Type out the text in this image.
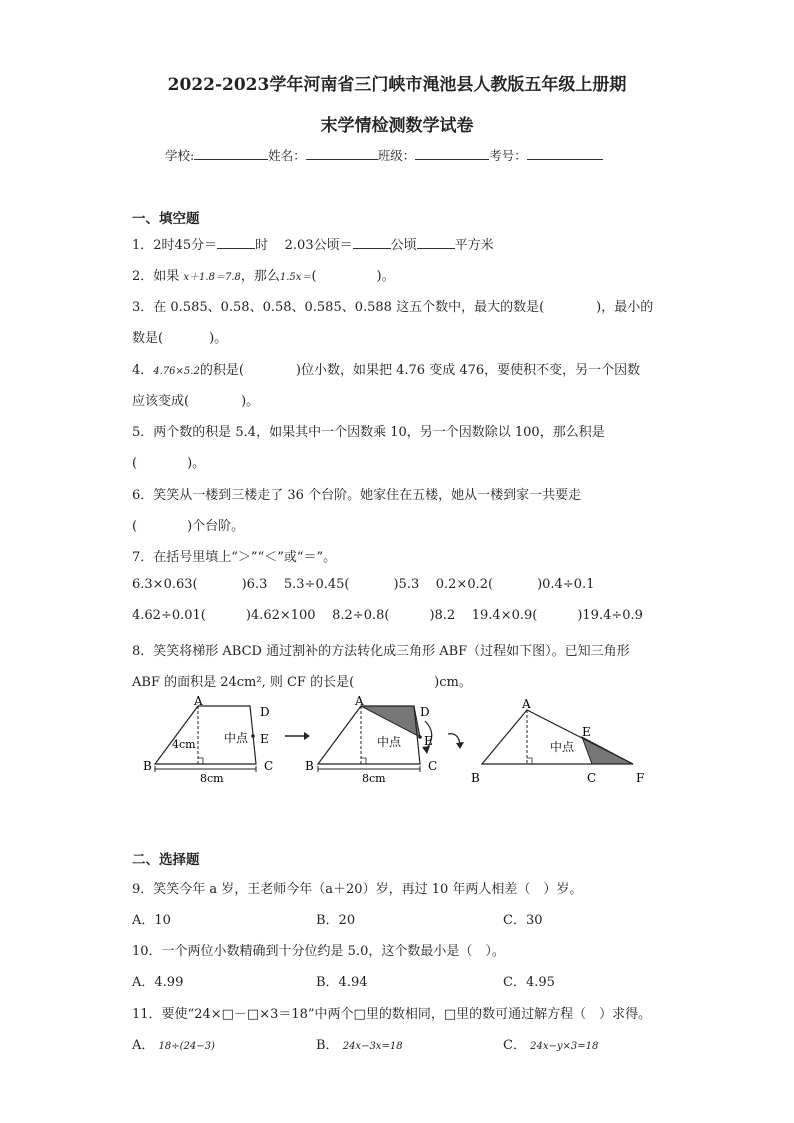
2022-2023学年河南省三门峡市渑池县人教版五年级上册期
末学情检测数学试卷
学校:	姓名：	班级：	考号：
一、填空题
1．2时45分＝	时 2.03公顷＝	公顷	平方米
2．如果 x＋1.8＝7.8，那么1.5x＝(	)。
3．在 0.585、0.58̇、0.5̇8̇、0.5̇85̇、0.588 这五个数中，最大的数是(	)，最小的
数是(	)。
4．4.76×5.2的积是(	)位小数，如果把 4.76 变成 476，要使积不变，另一个因数
应该变成(	)。
5．两个数的积是 5.4，如果其中一个因数乘 10，另一个因数除以 100，那么积是
(	)。
6．笑笑从一楼到三楼走了 36 个台阶。她家住在五楼，她从一楼到家一共要走
(	)个台阶。
7．在括号里填上“＞”“＜”或“＝”。
6.3×0.63(	)6.3 5.3÷0.45(	)5.3 0.2×0.2(	)0.4÷0.1
4.62÷0.01(	)4.62×100 8.2÷0.8(	)8.2 19.4×0.9(	)19.4÷0.9
8．笑笑将梯形 ABCD 通过割补的方法转化成三角形 ABF（过程如下图）。已知三角形
ABF 的面积是 24cm², 则 CF 的长是(	)cm。
A
B	C
D
E
中点
4cm
8cm
A
B	C
D
E
中点
8cm
A
B	C
E
F
中点
二、选择题
9．笑笑今年 a 岁，王老师今年（a＋20）岁，再过 10 年两人相差（　）岁。
A．10	B．20	C．30
10．一个两位小数精确到十分位约是 5.0，这个数最小是（　）。
A．4.99	B．4.94	C．4.95
11．要使“24×□－□×3＝18”中两个□里的数相同，□里的数可通过解方程（　）求得。
A． 18÷(24−3)	B． 24x−3x=18	C． 24x−y×3=18
